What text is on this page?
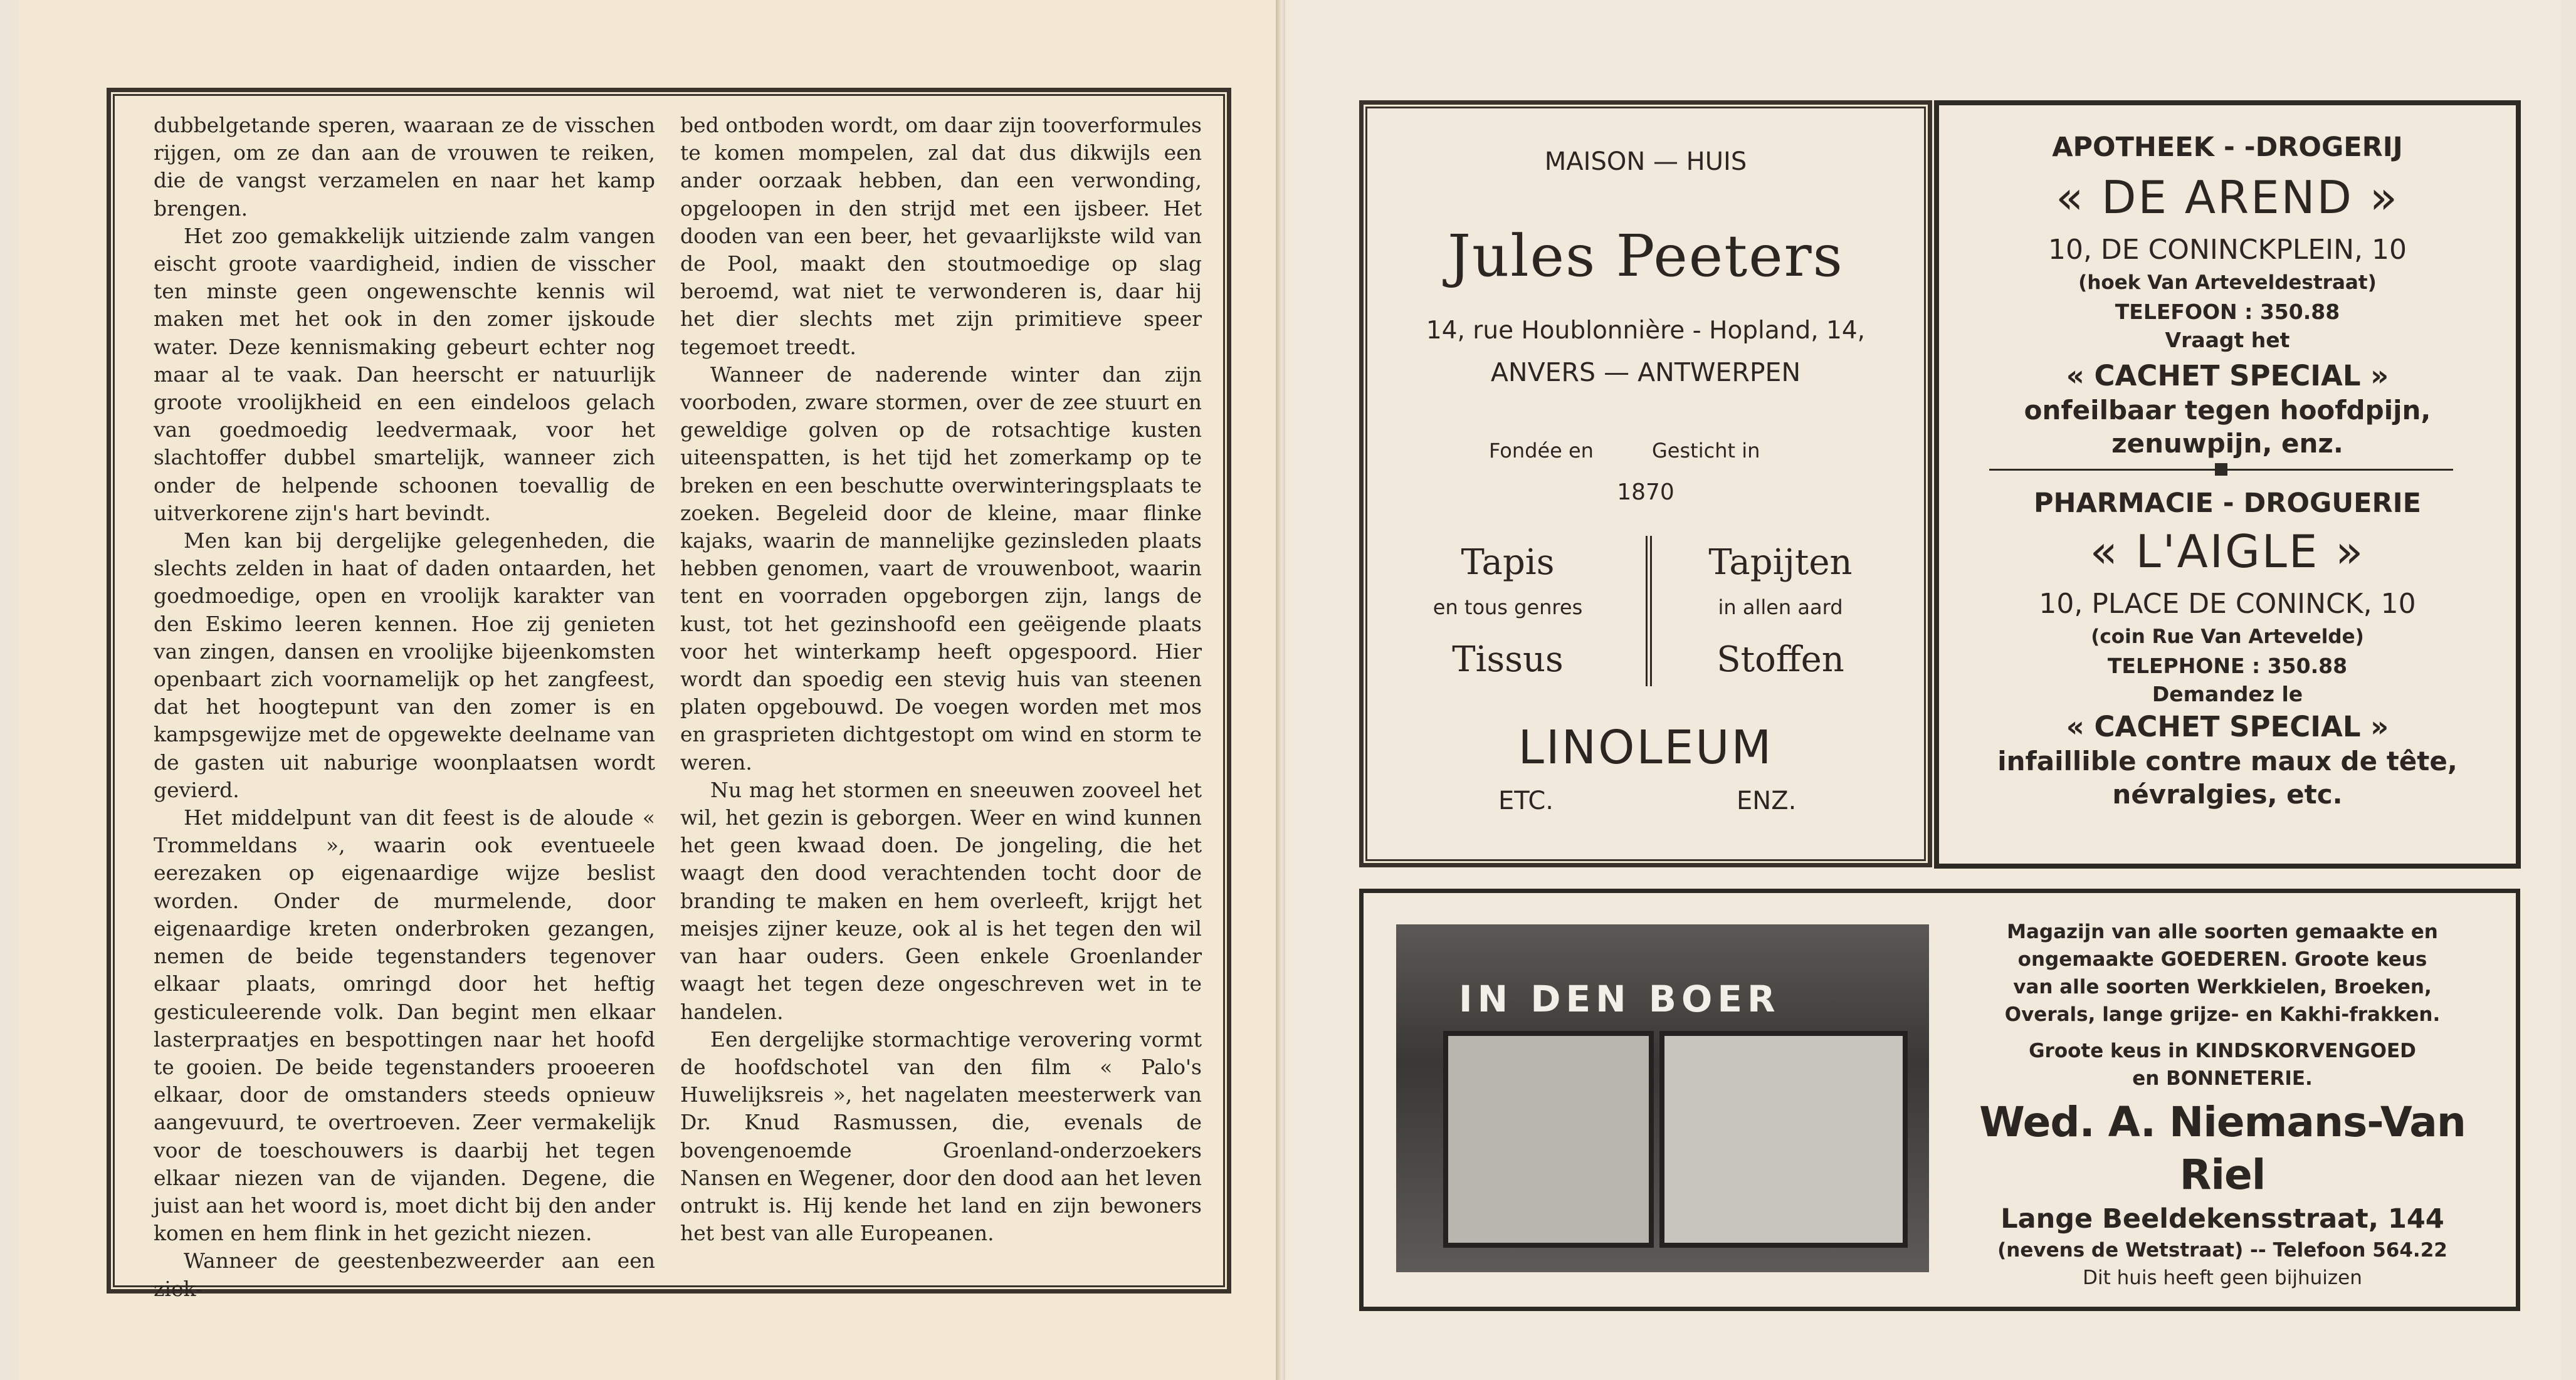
dubbelgetande speren, waaraan ze de visschen rijgen, om ze dan aan de vrouwen te reiken, die de vangst verzamelen en naar het kamp brengen.

Het zoo gemakkelijk uitziende zalm vangen eischt groote vaardigheid, indien de visscher ten minste geen ongewenschte kennis wil maken met het ook in den zomer ijskoude water. Deze kennismaking gebeurt echter nog maar al te vaak. Dan heerscht er natuurlijk groote vroolijkheid en een eindeloos gelach van goedmoedig leedvermaak, voor het slachtoffer dubbel smartelijk, wanneer zich onder de helpende schoonen toevallig de uitverkorene zijn's hart bevindt.

Men kan bij dergelijke gelegenheden, die slechts zelden in haat of daden ontaarden, het goedmoedige, open en vroolijk karakter van den Eskimo leeren kennen. Hoe zij genieten van zingen, dansen en vroolijke bijeenkomsten openbaart zich voornamelijk op het zangfeest, dat het hoogtepunt van den zomer is en kampsgewijze met de opgewekte deelname van de gasten uit naburige woonplaatsen wordt gevierd.

Het middelpunt van dit feest is de aloude « Trommeldans », waarin ook eventueele eerezaken op eigenaardige wijze beslist worden. Onder de murmelende, door eigenaardige kreten onderbroken gezangen, nemen de beide tegenstanders tegenover elkaar plaats, omringd door het heftig gesticuleerende volk. Dan begint men elkaar lasterpraatjes en bespottingen naar het hoofd te gooien. De beide tegenstanders prooeeren elkaar, door de omstanders steeds opnieuw aangevuurd, te overtroeven. Zeer vermakelijk voor de toeschouwers is daarbij het tegen elkaar niezen van de vijanden. Degene, die juist aan het woord is, moet dicht bij den ander komen en hem flink in het gezicht niezen.

Wanneer de geestenbezweerder aan een ziek-

bed ontboden wordt, om daar zijn tooverformules te komen mompelen, zal dat dus dikwijls een ander oorzaak hebben, dan een verwonding, opgeloopen in den strijd met een ijsbeer. Het dooden van een beer, het gevaarlijkste wild van de Pool, maakt den stoutmoedige op slag beroemd, wat niet te verwonderen is, daar hij het dier slechts met zijn primitieve speer tegemoet treedt.

Wanneer de naderende winter dan zijn voorboden, zware stormen, over de zee stuurt en geweldige golven op de rotsachtige kusten uiteenspatten, is het tijd het zomerkamp op te breken en een beschutte overwinteringsplaats te zoeken. Begeleid door de kleine, maar flinke kajaks, waarin de mannelijke gezinsleden plaats hebben genomen, vaart de vrouwenboot, waarin tent en voorraden opgeborgen zijn, langs de kust, tot het gezinshoofd een geëigende plaats voor het winterkamp heeft opgespoord. Hier wordt dan spoedig een stevig huis van steenen platen opgebouwd. De voegen worden met mos en grasprieten dichtgestopt om wind en storm te weren.

Nu mag het stormen en sneeuwen zooveel het wil, het gezin is geborgen. Weer en wind kunnen het geen kwaad doen. De jongeling, die het waagt den dood verachtenden tocht door de branding te maken en hem overleeft, krijgt het meisjes zijner keuze, ook al is het tegen den wil van haar ouders. Geen enkele Groenlander waagt het tegen deze ongeschreven wet in te handelen.

Een dergelijke stormachtige verovering vormt de hoofdschotel van den film « Palo's Huwelijksreis », het nagelaten meesterwerk van Dr. Knud Rasmussen, die, evenals de bovengenoemde Groenland-onderzoekers Nansen en Wegener, door den dood aan het leven ontrukt is. Hij kende het land en zijn bewoners het best van alle Europeanen.

MAISON — HUIS
Jules Peeters
14, rue Houblonnière - Hopland, 14,
ANVERS — ANTWERPEN
Fondée en	Gesticht in
1870
Tapis
en tous genres
Tissus
Tapijten
in allen aard
Stoffen
LINOLEUM
ETC.	ENZ.
APOTHEEK - -DROGERIJ
« DE AREND »
10, DE CONINCKPLEIN, 10
(hoek Van Arteveldestraat)
TELEFOON : 350.88
Vraagt het
« CACHET SPECIAL »
onfeilbaar tegen hoofdpijn,
zenuwpijn, enz.
PHARMACIE - DROGUERIE
« L'AIGLE »
10, PLACE DE CONINCK, 10
(coin Rue Van Artevelde)
TELEPHONE : 350.88
Demandez le
« CACHET SPECIAL »
infaillible contre maux de tête,
névralgies, etc.
IN DEN BOER
Magazijn van alle soorten gemaakte en
ongemaakte GOEDEREN. Groote keus
van alle soorten Werkkielen, Broeken,
Overals, lange grijze- en Kakhi-frakken.
Groote keus in KINDSKORVENGOED
en BONNETERIE.
Wed. A. Niemans-Van Riel
Lange Beeldekensstraat, 144
(nevens de Wetstraat) -- Telefoon 564.22
Dit huis heeft geen bijhuizen
